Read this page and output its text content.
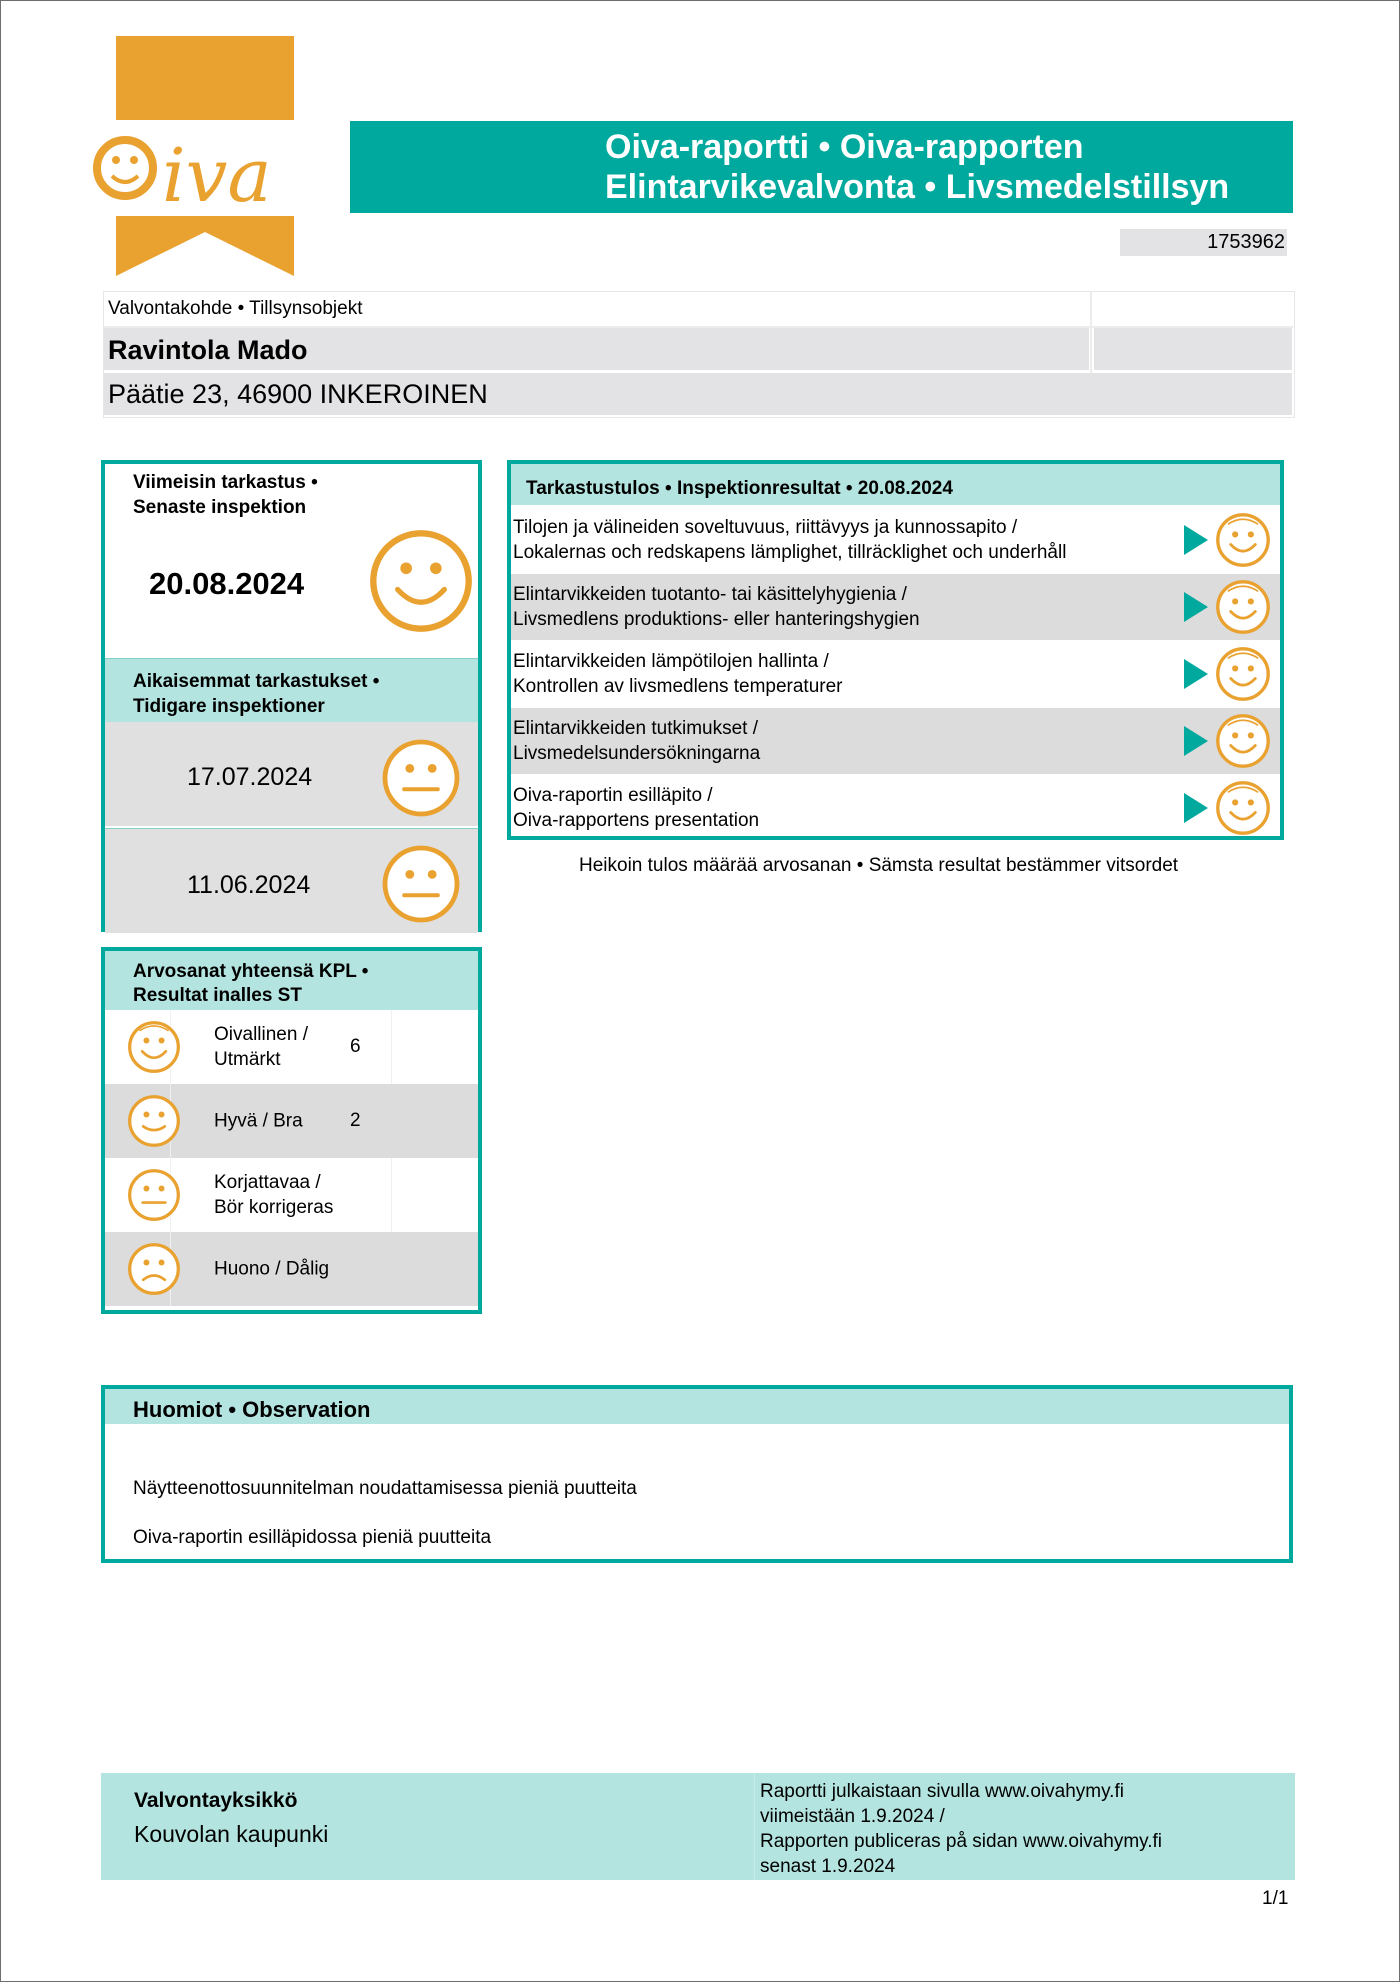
iva	Oiva-raportti • Oiva-rapporten
Elintarvikevalvonta • Livsmedelstillsyn
1753962
Valvontakohde • Tillsynsobjekt
Ravintola Mado
Päätie 23, 46900 INKEROINEN
Viimeisin tarkastus •
Senaste inspektion
20.08.2024
Aikaisemmat tarkastukset •
Tidigare inspektioner
17.07.2024
11.06.2024
Arvosanat yhteensä KPL •
Resultat inalles ST
Oivallinen /
Utmärkt
6
Hyvä / Bra 2
Korjattavaa /
Bör korrigeras
Huono / Dålig
Tarkastustulos • Inspektionresultat • 20.08.2024
Tilojen ja välineiden soveltuvuus, riittävyys ja kunnossapito /
Lokalernas och redskapens lämplighet, tillräcklighet och underhåll
Elintarvikkeiden tuotanto- tai käsittelyhygienia /
Livsmedlens produktions- eller hanteringshygien
Elintarvikkeiden lämpötilojen hallinta /
Kontrollen av livsmedlens temperaturer
Elintarvikkeiden tutkimukset /
Livsmedelsundersökningarna
Oiva-raportin esilläpito /
Oiva-rapportens presentation
Heikoin tulos määrää arvosanan • Sämsta resultat bestämmer vitsordet
Huomiot • Observation
Näytteenottosuunnitelman noudattamisessa pieniä puutteita
Oiva-raportin esilläpidossa pieniä puutteita
Valvontayksikkö
Kouvolan kaupunki
Raportti julkaistaan sivulla www.oivahymy.fi
viimeistään 1.9.2024 /
Rapporten publiceras på sidan www.oivahymy.fi
senast 1.9.2024
1/1
